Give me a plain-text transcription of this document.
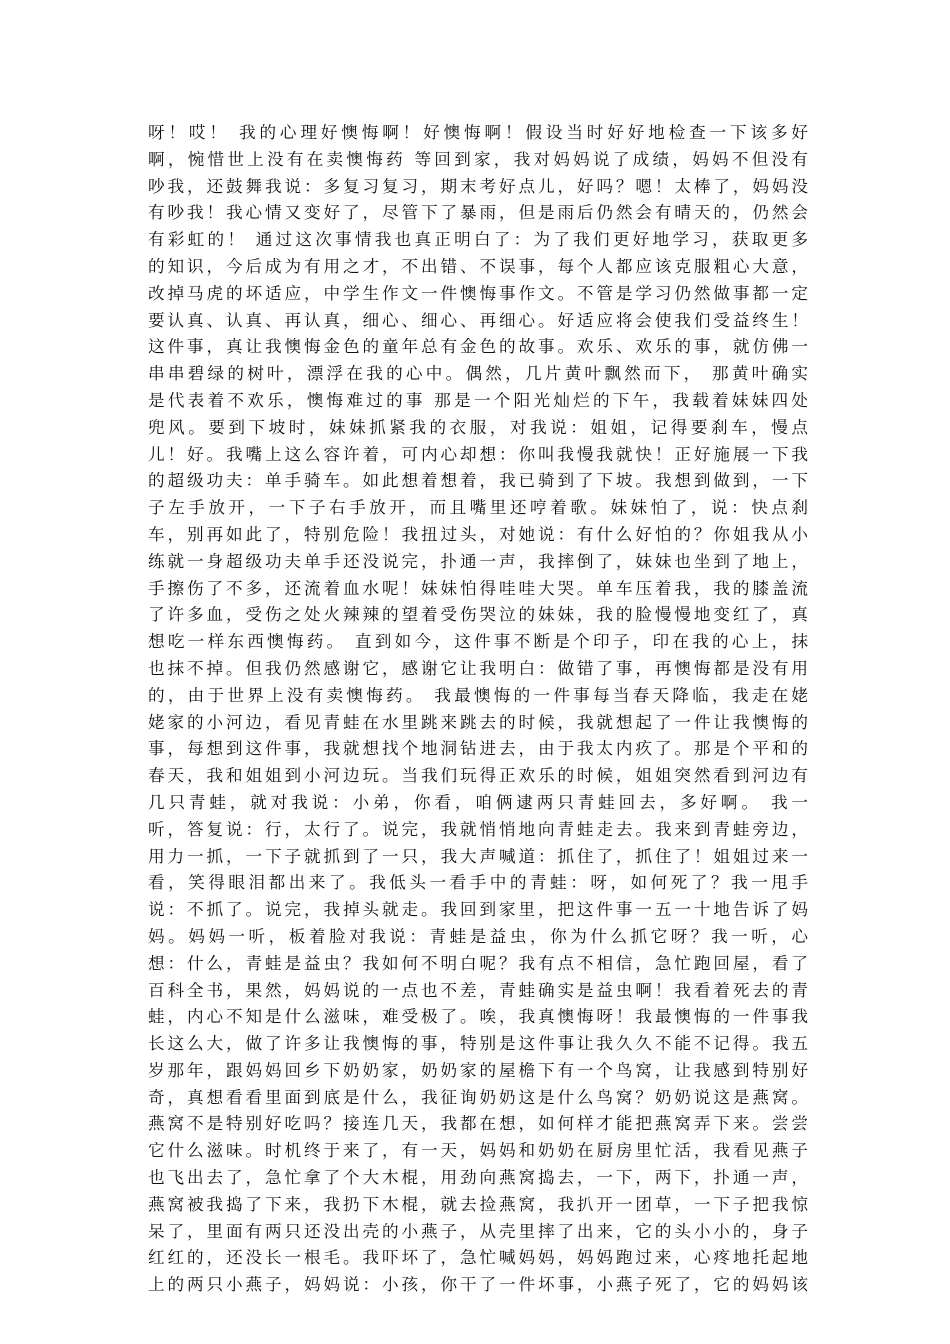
呀！哎！ 我的心理好懊悔啊！好懊悔啊！假设当时好好地检查一下该多好
啊，惋惜世上没有在卖懊悔药 等回到家，我对妈妈说了成绩，妈妈不但没有
吵我，还鼓舞我说：多复习复习，期末考好点儿，好吗？嗯！太棒了，妈妈没
有吵我！我心情又变好了，尽管下了暴雨，但是雨后仍然会有晴天的，仍然会
有彩虹的！ 通过这次事情我也真正明白了：为了我们更好地学习，获取更多
的知识，今后成为有用之才，不出错、不误事，每个人都应该克服粗心大意，
改掉马虎的坏适应，中学生作文一件懊悔事作文。不管是学习仍然做事都一定
要认真、认真、再认真，细心、细心、再细心。好适应将会使我们受益终生！
这件事，真让我懊悔金色的童年总有金色的故事。欢乐、欢乐的事，就仿佛一
串串碧绿的树叶，漂浮在我的心中。偶然，几片黄叶飘然而下， 那黄叶确实
是代表着不欢乐，懊悔难过的事 那是一个阳光灿烂的下午，我载着妹妹四处
兜风。要到下坡时，妹妹抓紧我的衣服，对我说：姐姐，记得要刹车，慢点
儿！好。我嘴上这么容许着，可内心却想：你叫我慢我就快！正好施展一下我
的超级功夫：单手骑车。如此想着想着，我已骑到了下坡。我想到做到，一下
子左手放开，一下子右手放开，而且嘴里还哼着歌。妹妹怕了，说：快点刹
车，别再如此了，特别危险！我扭过头，对她说：有什么好怕的？你姐我从小
练就一身超级功夫单手还没说完，扑通一声，我摔倒了，妹妹也坐到了地上，
手擦伤了不多，还流着血水呢！妹妹怕得哇哇大哭。单车压着我，我的膝盖流
了许多血，受伤之处火辣辣的望着受伤哭泣的妹妹，我的脸慢慢地变红了，真
想吃一样东西懊悔药。 直到如今，这件事不断是个印子，印在我的心上，抹
也抹不掉。但我仍然感谢它，感谢它让我明白：做错了事，再懊悔都是没有用
的，由于世界上没有卖懊悔药。 我最懊悔的一件事每当春天降临，我走在姥
姥家的小河边，看见青蛙在水里跳来跳去的时候，我就想起了一件让我懊悔的
事，每想到这件事，我就想找个地洞钻进去，由于我太内疚了。那是个平和的
春天，我和姐姐到小河边玩。当我们玩得正欢乐的时候，姐姐突然看到河边有
几只青蛙，就对我说：小弟，你看，咱俩逮两只青蛙回去，多好啊。 我一
听，答复说：行，太行了。说完，我就悄悄地向青蛙走去。我来到青蛙旁边，
用力一抓，一下子就抓到了一只，我大声喊道：抓住了，抓住了！姐姐过来一
看，笑得眼泪都出来了。我低头一看手中的青蛙：呀，如何死了？我一甩手
说：不抓了。说完，我掉头就走。我回到家里，把这件事一五一十地告诉了妈
妈。妈妈一听，板着脸对我说：青蛙是益虫，你为什么抓它呀？我一听，心
想：什么，青蛙是益虫？我如何不明白呢？我有点不相信，急忙跑回屋，看了
百科全书，果然，妈妈说的一点也不差，青蛙确实是益虫啊！我看着死去的青
蛙，内心不知是什么滋味，难受极了。唉，我真懊悔呀！我最懊悔的一件事我
长这么大，做了许多让我懊悔的事，特别是这件事让我久久不能不记得。我五
岁那年，跟妈妈回乡下奶奶家，奶奶家的屋檐下有一个鸟窝，让我感到特别好
奇，真想看看里面到底是什么，我征询奶奶这是什么鸟窝？奶奶说这是燕窝。
燕窝不是特别好吃吗？接连几天，我都在想，如何样才能把燕窝弄下来。尝尝
它什么滋味。时机终于来了，有一天，妈妈和奶奶在厨房里忙活，我看见燕子
也飞出去了，急忙拿了个大木棍，用劲向燕窝捣去，一下，两下，扑通一声，
燕窝被我捣了下来，我扔下木棍，就去捡燕窝，我扒开一团草，一下子把我惊
呆了，里面有两只还没出壳的小燕子，从壳里摔了出来，它的头小小的，身子
红红的，还没长一根毛。我吓坏了，急忙喊妈妈，妈妈跑过来，心疼地托起地
上的两只小燕子，妈妈说：小孩，你干了一件坏事，小燕子死了，它的妈妈该
